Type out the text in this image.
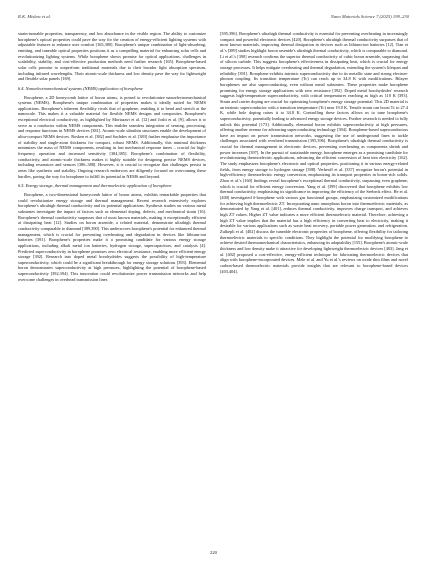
R.K. Mishra et al.	Nano Materials Science 7 (2025) 199–230

strain-tuneable properties, transparency, and low absorbance in the visible region. The ability to customize borophene's optical properties could pave the way for the creation of energy-efficient lighting systems with adjustable features to enhance user comfort [165,380]. Borophene's unique combination of light-absorbing, emitting, and tuneable optical properties positions it as a compelling material for enhancing solar cells and revolutionizing lighting systems. While borophene shows promise for optical applications, challenges in scalability, stability, and cost-effective production methods need further research [165]. Borophene-based solar cells promise to outperform traditional materials due to their broader light absorption spectrum, including infrared wavelengths. Their atomic-scale thickness and low density pave the way for lightweight and flexible solar panels [169].

6.4. Nanoelectromechanical systems (NEMS) application of borophene

Borophene, a 2D honeycomb lattice of boron atoms, is poised to revolutionize nanoelectromechanical systems (NEMS). Borophene's unique combination of properties makes it ideally suited for NEMS applications. Borophene's inherent flexibility rivals that of graphene, enabling it to bend and stretch at the nanoscale. This makes it a valuable material for flexible NEMS designs and composites. Borophene's exceptional electrical conductivity, as highlighted by Mortazavi et al. [12] and Joshi et al. [9], allows it to serve as a conductor within NEMS components. This enables seamless integration of sensing, processing, and response functions in NEMS devices [381]. Atomic-scale ultrathin structures enable the development of ultra-compact NEMS devices. Rosken et al. [382] and Sachdev et al. [383] further emphasise the importance of stability and single-atom thickness for compact, robust NEMS. Additionally, this minimal thickness minimizes the mass of NEMS components, resulting in fast mechanical response times – crucial for high-frequency operation and increased sensitivity [384,385]. Borophene's combination of flexibility, conductivity, and atomic-scale thickness makes it highly suitable for designing precise NEMS devices, including resonators and sensors [386–388]. However, it is crucial to recognize that challenges persist in areas like synthesis and stability. Ongoing research endeavors are diligently focused on overcoming these hurdles, paving the way for borophene to fulfill its potential in NEMS and beyond.

6.5. Energy storage, thermal management and thermoelectric application of borophene

Borophene, a two-dimensional honeycomb lattice of boron atoms, exhibits remarkable properties that could revolutionize energy storage and thermal management. Recent research extensively explores borophene's ultrahigh thermal conductivity and its potential applications. Synthesis studies on various metal substrates investigate the impact of factors such as elemental doping, defects, and mechanical strain [16]. Borophene's thermal conductivity surpasses that of most known materials, making it exceptionally efficient at dissipating heat [12]. Studies on boron arsenide, a related material, demonstrate ultrahigh thermal conductivity comparable to diamond [389,390]. This underscores borophene's potential for enhanced thermal management, which is crucial for preventing overheating and degradation in devices like lithium-ion batteries [391]. Borophene's properties make it a promising candidate for various energy storage applications, including alkali metal ion batteries, hydrogen storage, supercapacitors, and catalysis [4]. Predicted superconductivity in borophene promises zero electrical resistance, enabling more efficient energy storage [392]. Research into doped metal borohydrides suggests the possibility of high-temperature superconductivity, which could be a significant breakthrough for energy storage solutions [393]. Elemental boron demonstrates superconductivity at high pressures, highlighting the potential of borophene-based superconductivity [392,394]. This innovation could revolutionize power transmission networks and help overcome challenges in overhead transmission lines

[395,396]. Borophene's ultrahigh thermal conductivity is essential for preventing overheating in increasingly compact and powerful electronic devices [420]. Borophene's ultrahigh thermal conductivity surpasses that of most known materials, improving thermal dissipation in devices such as lithium-ion batteries [12]. Tian et al.'s [389] studies highlight boron arsenide's ultrahigh thermal conductivity, which is comparable to diamond. Li et al.'s [390] research confirms the superior thermal conductivity of cubic boron arsenide, surpassing that of silicon carbide. This suggests borophene's effectiveness in dissipating heat, which is crucial for energy storage processes. It helps mitigate overheating and thermal degradation, extending the system's lifespan and reliability [391]. Borophene exhibits intrinsic superconductivity due to its metallic state and strong electron-phonon coupling. Its transition temperature (Tc) can reach up to 34.8 K with modifications. Bilayer borophenes are also superconducting, even without metal substrates. These properties make borophene promising for energy storage applications with zero resistance [392]. Doped metal borohydrides' research suggests high-temperature superconductivity, with critical temperatures reaching as high as 110 K [393]. Strain and carrier doping are crucial for optimizing borophene's energy storage potential. This 2D material is an intrinsic superconductor with a transition temperature (Tc) near 19.0 K. Tensile strain can boost Tc to 27.4 K, while hole doping raises it to 34.8 K. Controlling these factors allows us to tune borophene's superconductivity, potentially leading to advanced energy storage devices. Further research is needed to fully unlock this potential [173]. Additionally, elemental boron exhibits superconductivity at high pressures, offering another avenue for advancing superconducting technology [394]. Borophene-based superconductors have an impact on power transmission networks, suggesting the use of underground lines to tackle challenges associated with overhead transmission [395,396]. Borophene's ultrahigh thermal conductivity is crucial for thermal management in electronic devices, preventing overheating as components shrink and power increases [397]. In the pursuit of sustainable energy, borophene emerges as a promising candidate for revolutionizing thermoelectric applications, advancing the efficient conversion of heat into electricity [162]. The study emphasizes borophene's electronic and optical properties, positioning it in various energy-related fields, from energy storage to hydrogen storage [398]. Verheoff et al. [337] recognize boron's potential in high-efficiency thermoelectric energy conversion, emphasizing its transport properties in boron-rich solids. Zhou et al.'s [160] findings reveal borophene's exceptional thermal conductivity, surpassing even graphene, which is crucial for efficient energy conversion. Yang et al. [399] discovered that borophene exhibits low thermal conductivity, emphasising its significance in improving the efficiency of the Seebeck effect. He et al. [400] investigated δ-borophene with various gas functional groups, emphasizing customized modifications for achieving high thermoelectric ZT. Incorporating nano amorphous boron into thermoelectric materials, as demonstrated by Yang et al. [401], reduces thermal conductivity, improves charge transport, and achieves high ZT values. Higher ZT value indicates a more efficient thermoelectric material. Therefore, achieving a high ZT value implies that the material has a high efficiency in converting heat to electricity, making it desirable for various applications such as waste heat recovery, portable power generation, and refrigeration. Zulkepli et al. [402] discuss the tuneable electronic properties of borophene, offering flexibility for tailoring thermoelectric materials to specific conditions. They highlight the potential for modifying borophene to achieve desired thermomechanical characteristics, enhancing its adaptability [155]. Borophene's atomic-scale thickness and low density make it attractive for developing lightweight thermoelectric devices [403]. Jang et al. [402] proposed a cost-effective, energy-efficient technique for fabricating thermoelectric devices that align with borophene-incorporated devices. Mele et al. and Yu et al.'s reviews on oxide thin films and novel carbon-based thermoelectric materials provide insights that are relevant to borophene-based devices [403,404].

220
